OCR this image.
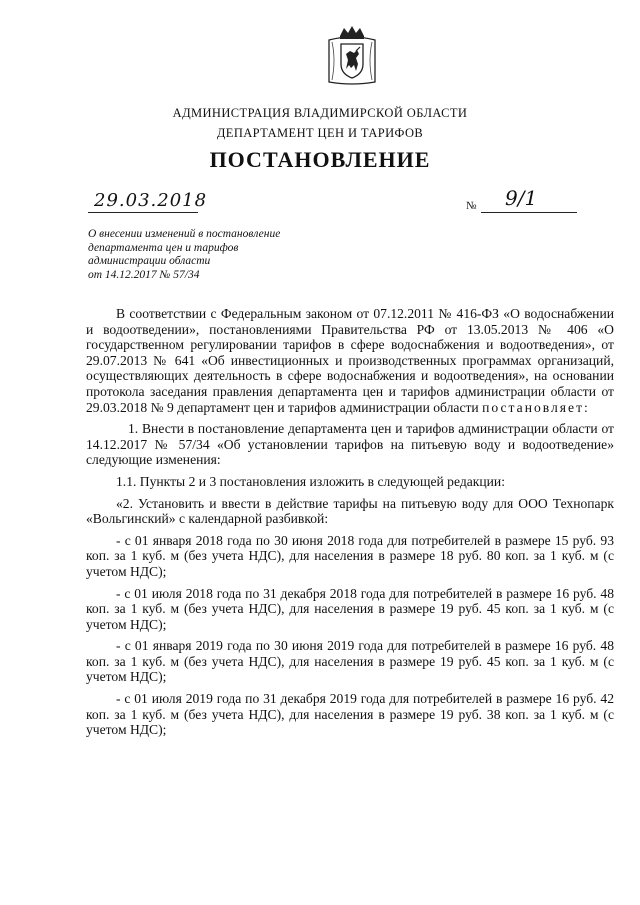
АДМИНИСТРАЦИЯ ВЛАДИМИРСКОЙ ОБЛАСТИ
ДЕПАРТАМЕНТ ЦЕН И ТАРИФОВ
ПОСТАНОВЛЕНИЕ
29.03.2018	№ 9/1
О внесении изменений в постановление
департамента цен и тарифов
администрации области
от 14.12.2017 № 57/34

В соответствии с Федеральным законом от 07.12.2011 № 416-ФЗ «О водоснабжении и водоотведении», постановлениями Правительства РФ от 13.05.2013 № 406 «О государственном регулировании тарифов в сфере водоснабжения и водоотведения», от 29.07.2013 № 641 «Об инвестиционных и производственных программах организаций, осуществляющих деятельность в сфере водоснабжения и водоотведения», на основании протокола заседания правления департамента цен и тарифов администрации области от 29.03.2018 № 9 департамент цен и тарифов администрации области постановляет:

1. Внести в постановление департамента цен и тарифов администрации области от 14.12.2017 № 57/34 «Об установлении тарифов на питьевую воду и водоотведение» следующие изменения:

1.1. Пункты 2 и 3 постановления изложить в следующей редакции:

«2. Установить и ввести в действие тарифы на питьевую воду для ООО Технопарк «Вольгинский» с календарной разбивкой:

- с 01 января 2018 года по 30 июня 2018 года для потребителей в размере 15 руб. 93 коп. за 1 куб. м (без учета НДС), для населения в размере 18 руб. 80 коп. за 1 куб. м (с учетом НДС);

- с 01 июля 2018 года по 31 декабря 2018 года для потребителей в размере 16 руб. 48 коп. за 1 куб. м (без учета НДС), для населения в размере 19 руб. 45 коп. за 1 куб. м (с учетом НДС);

- с 01 января 2019 года по 30 июня 2019 года для потребителей в размере 16 руб. 48 коп. за 1 куб. м (без учета НДС), для населения в размере 19 руб. 45 коп. за 1 куб. м (с учетом НДС);

- с 01 июля 2019 года по 31 декабря 2019 года для потребителей в размере 16 руб. 42 коп. за 1 куб. м (без учета НДС), для населения в размере 19 руб. 38 коп. за 1 куб. м (с учетом НДС);
